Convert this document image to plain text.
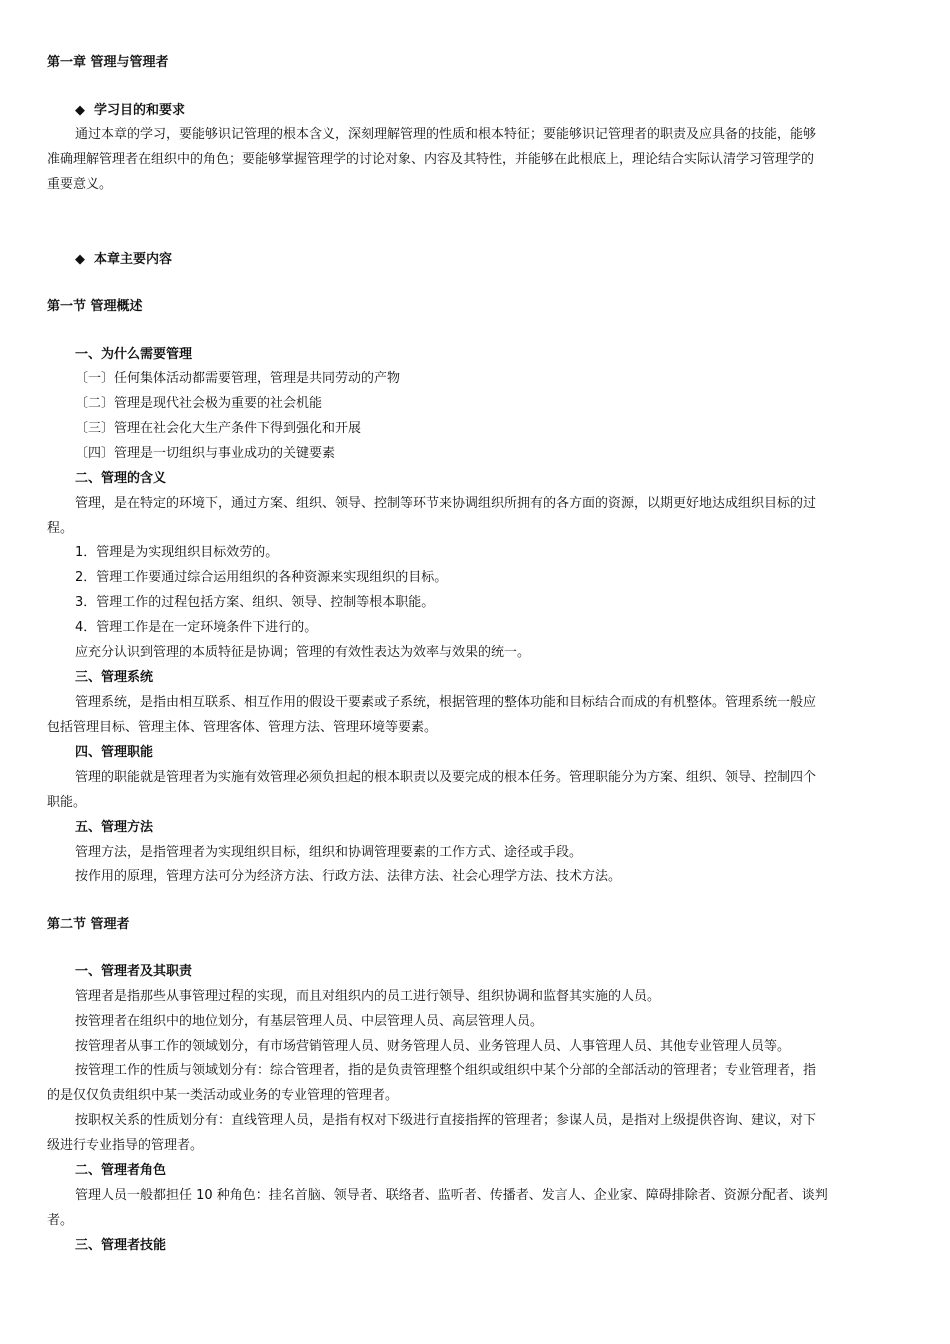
第一章 管理与管理者
◆ 学习目的和要求
通过本章的学习，要能够识记管理的根本含义，深刻理解管理的性质和根本特征；要能够识记管理者的职责及应具备的技能，能够
准确理解管理者在组织中的角色；要能够掌握管理学的讨论对象、内容及其特性，并能够在此根底上，理论结合实际认清学习管理学的
重要意义。
◆ 本章主要内容
第一节 管理概述
一、为什么需要管理
〔一〕任何集体活动都需要管理，管理是共同劳动的产物
〔二〕管理是现代社会极为重要的社会机能
〔三〕管理在社会化大生产条件下得到强化和开展
〔四〕管理是一切组织与事业成功的关键要素
二、管理的含义
管理，是在特定的环境下，通过方案、组织、领导、控制等环节来协调组织所拥有的各方面的资源，以期更好地达成组织目标的过
程。
1．管理是为实现组织目标效劳的。
2．管理工作要通过综合运用组织的各种资源来实现组织的目标。
3．管理工作的过程包括方案、组织、领导、控制等根本职能。
4．管理工作是在一定环境条件下进行的。
应充分认识到管理的本质特征是协调；管理的有效性表达为效率与效果的统一。
三、管理系统
管理系统，是指由相互联系、相互作用的假设干要素或子系统，根据管理的整体功能和目标结合而成的有机整体。管理系统一般应
包括管理目标、管理主体、管理客体、管理方法、管理环境等要素。
四、管理职能
管理的职能就是管理者为实施有效管理必须负担起的根本职责以及要完成的根本任务。管理职能分为方案、组织、领导、控制四个
职能。
五、管理方法
管理方法，是指管理者为实现组织目标，组织和协调管理要素的工作方式、途径或手段。
按作用的原理，管理方法可分为经济方法、行政方法、法律方法、社会心理学方法、技术方法。
第二节 管理者
一、管理者及其职责
管理者是指那些从事管理过程的实现，而且对组织内的员工进行领导、组织协调和监督其实施的人员。
按管理者在组织中的地位划分，有基层管理人员、中层管理人员、高层管理人员。
按管理者从事工作的领域划分，有市场营销管理人员、财务管理人员、业务管理人员、人事管理人员、其他专业管理人员等。
按管理工作的性质与领域划分有：综合管理者，指的是负责管理整个组织或组织中某个分部的全部活动的管理者；专业管理者，指
的是仅仅负责组织中某一类活动或业务的专业管理的管理者。
按职权关系的性质划分有：直线管理人员，是指有权对下级进行直接指挥的管理者；参谋人员，是指对上级提供咨询、建议，对下
级进行专业指导的管理者。
二、管理者角色
管理人员一般都担任 10 种角色：挂名首脑、领导者、联络者、监听者、传播者、发言人、企业家、障碍排除者、资源分配者、谈判
者。
三、管理者技能
